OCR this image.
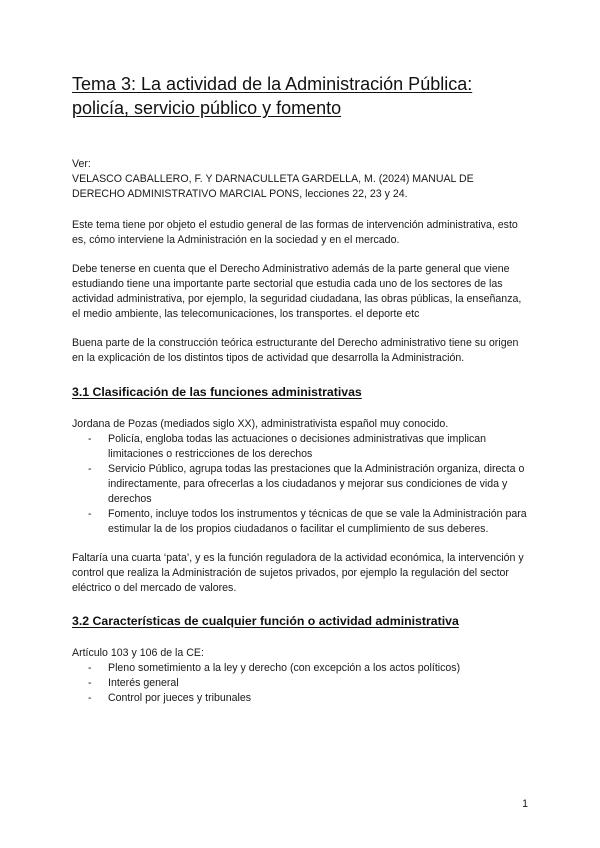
Tema 3: La actividad de la Administración Pública:
policía, servicio público y fomento

Ver:

VELASCO CABALLERO, F. Y DARNACULLETA GARDELLA, M. (2024) MANUAL DE DERECHO ADMINISTRATIVO MARCIAL PONS, lecciones 22, 23 y 24.

Este tema tiene por objeto el estudio general de las formas de intervención administrativa, esto es, cómo interviene la Administración en la sociedad y en el mercado.

Debe tenerse en cuenta que el Derecho Administrativo además de la parte general que viene estudiando tiene una importante parte sectorial que estudia cada uno de los sectores de las actividad administrativa, por ejemplo, la seguridad ciudadana, las obras públicas, la enseñanza, el medio ambiente, las telecomunicaciones, los transportes. el deporte etc

Buena parte de la construcción teórica estructurante del Derecho administrativo tiene su origen en la explicación de los distintos tipos de actividad que desarrolla la Administración.

3.1 Clasificación de las funciones administrativas

Jordana de Pozas (mediados siglo XX), administrativista español muy conocido.

- Policía, engloba todas las actuaciones o decisiones administrativas que implican limitaciones o restricciones de los derechos
- Servicio Público, agrupa todas las prestaciones que la Administración organiza, directa o indirectamente, para ofrecerlas a los ciudadanos y mejorar sus condiciones de vida y derechos
- Fomento, incluye todos los instrumentos y técnicas de que se vale la Administración para estimular la de los propios ciudadanos o facilitar el cumplimiento de sus deberes.

Faltaría una cuarta ‘pata’, y es la función reguladora de la actividad económica, la intervención y control que realiza la Administración de sujetos privados, por ejemplo la regulación del sector eléctrico o del mercado de valores.

3.2 Características de cualquier función o actividad administrativa

Artículo 103 y 106 de la CE:

- Pleno sometimiento a la ley y derecho (con excepción a los actos políticos)
- Interés general
- Control por jueces y tribunales
1
